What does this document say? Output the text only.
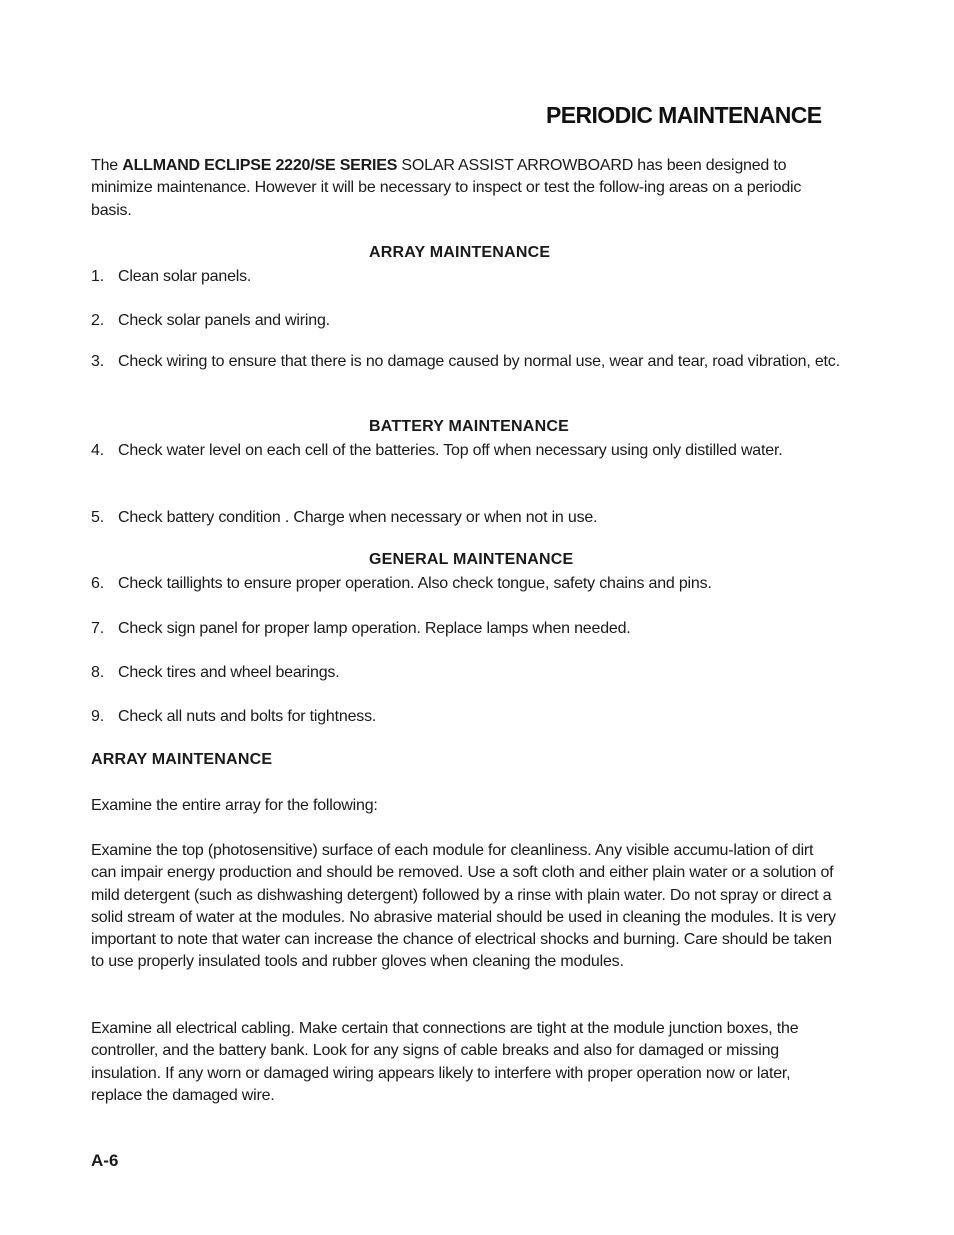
PERIODIC MAINTENANCE

The ALLMAND ECLIPSE 2220/SE SERIES SOLAR ASSIST ARROWBOARD has been designed to minimize maintenance. However it will be necessary to inspect or test the follow-ing areas on a periodic basis.

ARRAY MAINTENANCE
1. Clean solar panels.
2. Check solar panels and wiring.
3. Check wiring to ensure that there is no damage caused by normal use, wear and tear, road vibration, etc.
BATTERY MAINTENANCE
4. Check water level on each cell of the batteries. Top off when necessary using only distilled water.
5. Check battery condition . Charge when necessary or when not in use.
GENERAL MAINTENANCE
6. Check taillights to ensure proper operation. Also check tongue, safety chains and pins.
7. Check sign panel for proper lamp operation. Replace lamps when needed.
8. Check tires and wheel bearings.
9. Check all nuts and bolts for tightness.
ARRAY MAINTENANCE

Examine the entire array for the following:

Examine the top (photosensitive) surface of each module for cleanliness. Any visible accumu-lation of dirt can impair energy production and should be removed. Use a soft cloth and either plain water or a solution of mild detergent (such as dishwashing detergent) followed by a rinse with plain water. Do not spray or direct a solid stream of water at the modules. No abrasive material should be used in cleaning the modules. It is very important to note that water can increase the chance of electrical shocks and burning. Care should be taken to use properly insulated tools and rubber gloves when cleaning the modules.

Examine all electrical cabling. Make certain that connections are tight at the module junction boxes, the controller, and the battery bank. Look for any signs of cable breaks and also for damaged or missing insulation. If any worn or damaged wiring appears likely to interfere with proper operation now or later, replace the damaged wire.

A-6
